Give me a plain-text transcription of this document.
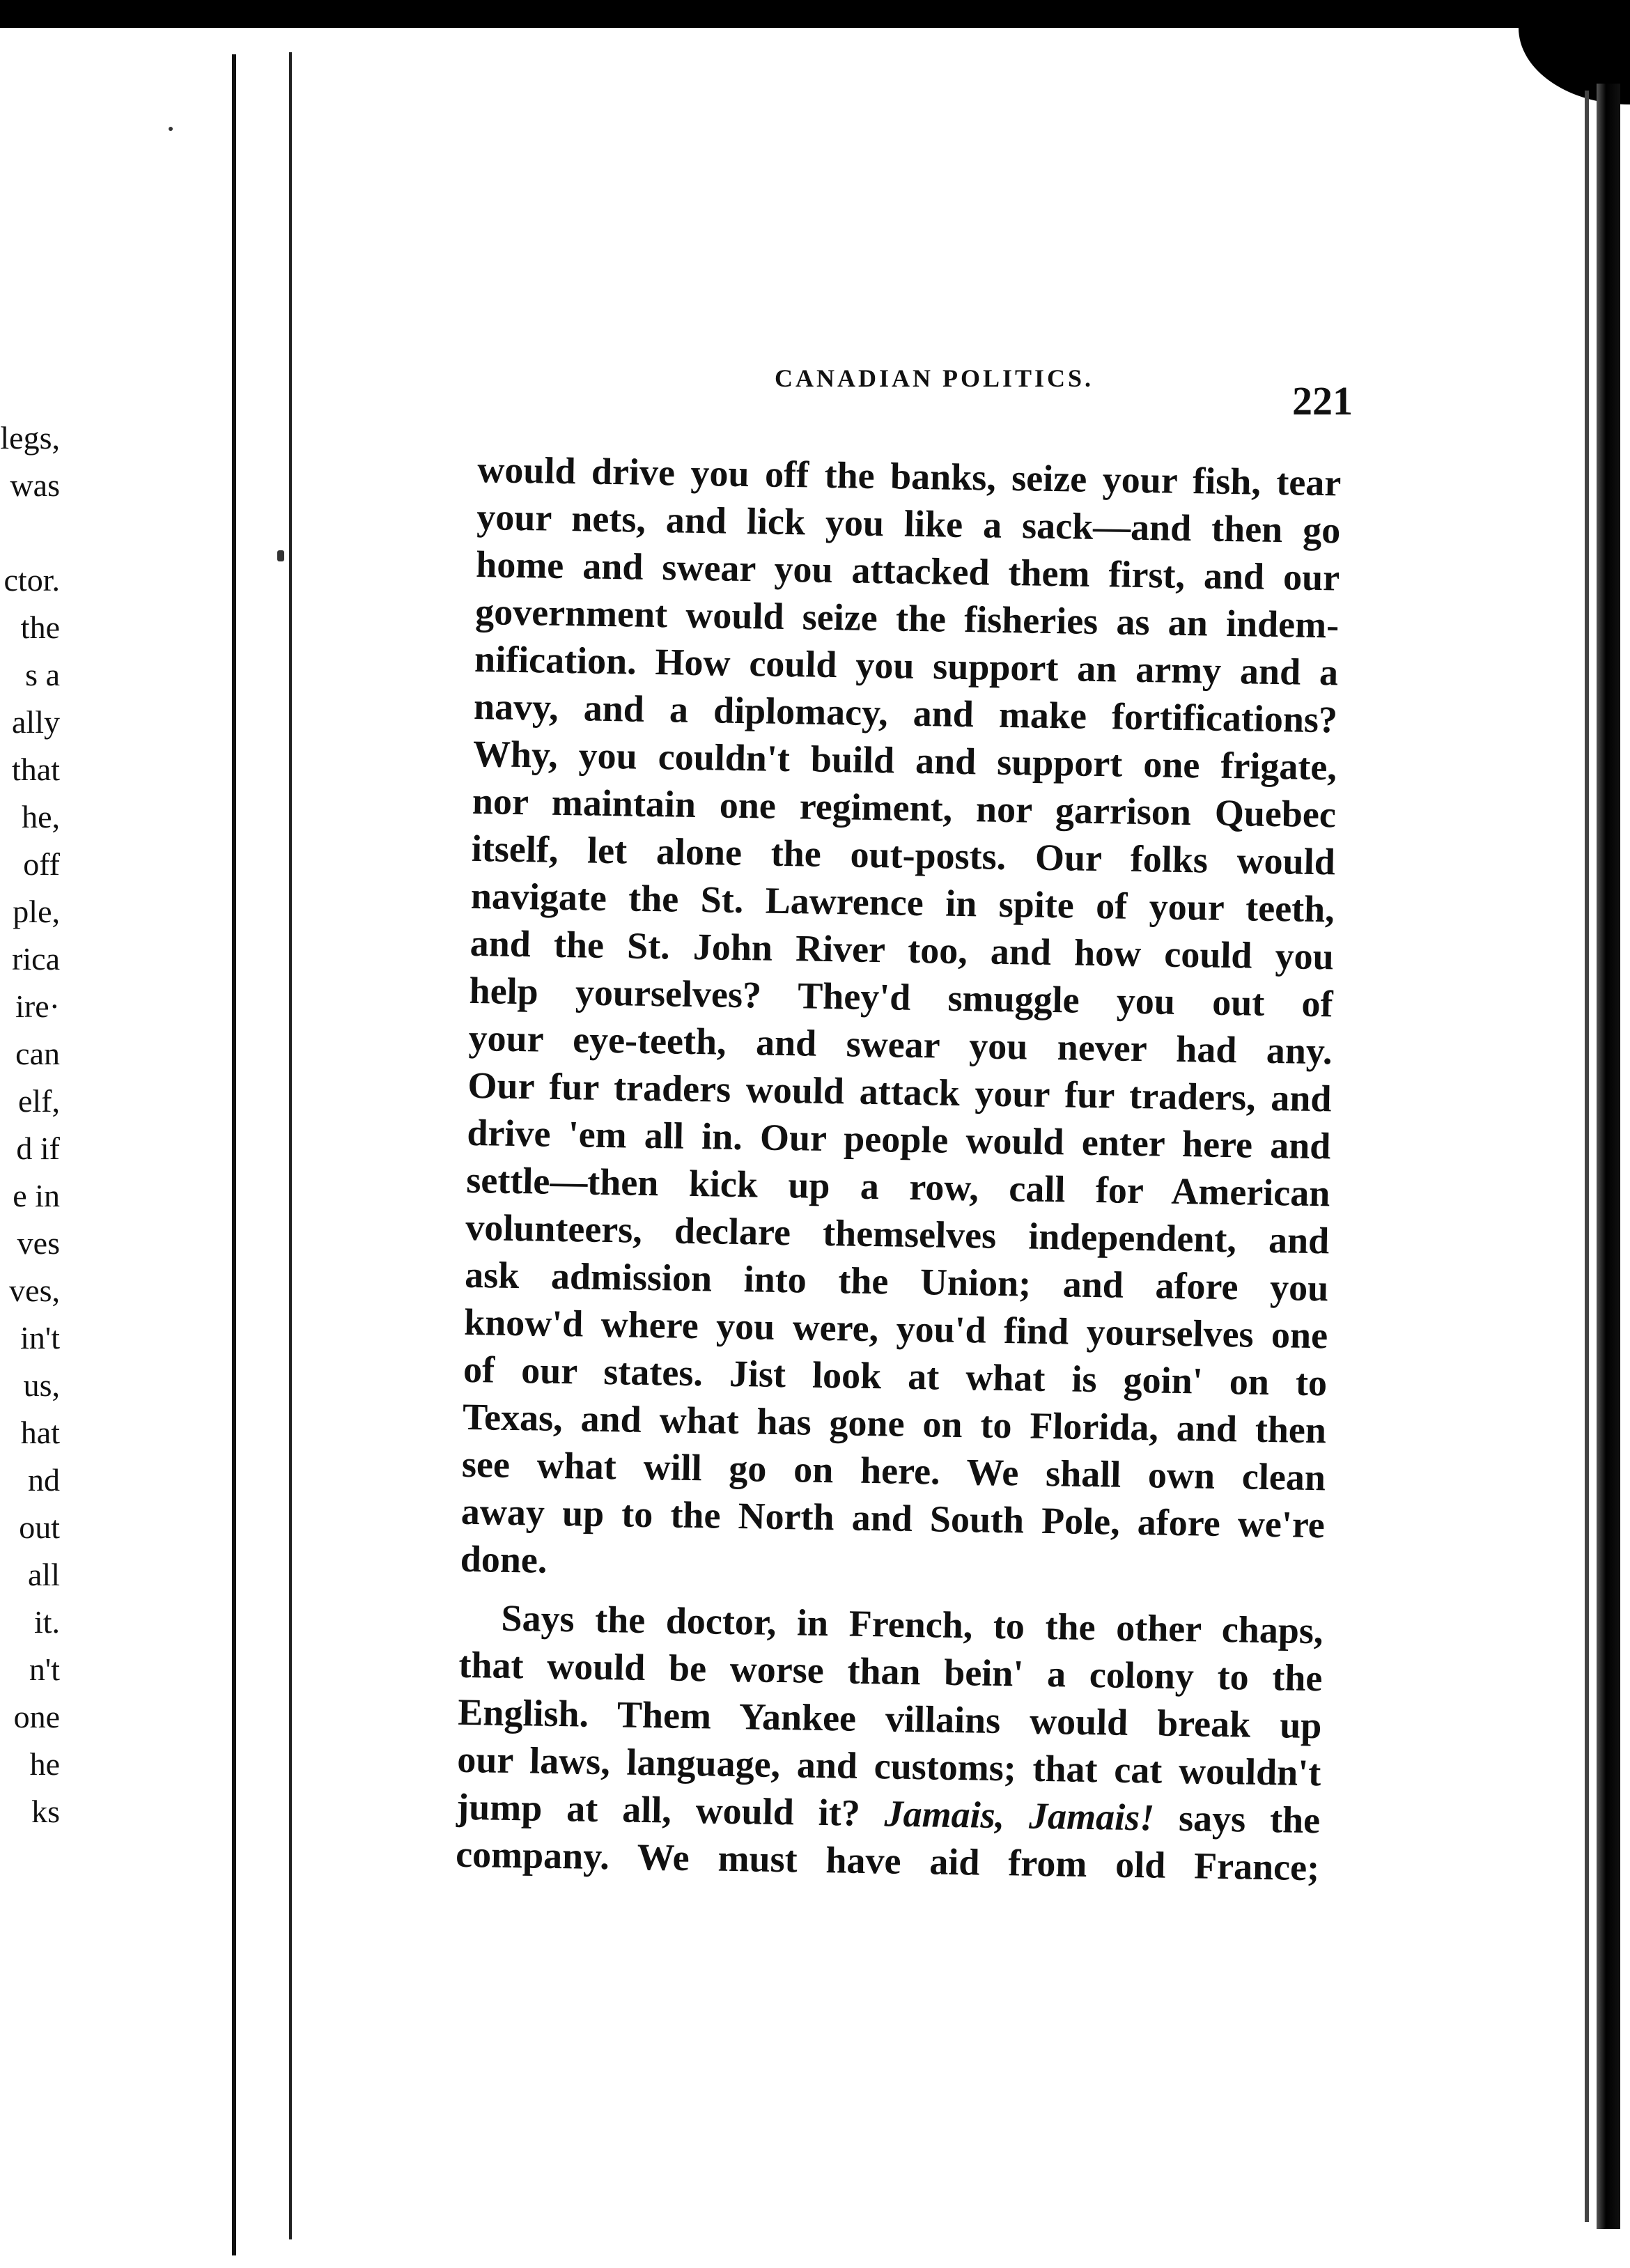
legs,
was
ctor.
the
s a
ally
that
he,
off
ple,
rica
ire·
can
elf,
d if
e in
ves
ves,
in't
us,
hat
nd
out
all
it.
n't
one
he
ks
CANADIAN POLITICS.	221
would drive you off the banks, seize your fish, tear
your nets, and lick you like a sack—and then go
home and swear you attacked them first, and our
government would seize the fisheries as an indem-
nification. How could you support an army and a
navy, and a diplomacy, and make fortifications?
Why, you couldn't build and support one frigate,
nor maintain one regiment, nor garrison Quebec
itself, let alone the out-posts. Our folks would
navigate the St. Lawrence in spite of your teeth,
and the St. John River too, and how could you
help yourselves? They'd smuggle you out of
your eye-teeth, and swear you never had any.
Our fur traders would attack your fur traders, and
drive 'em all in. Our people would enter here and
settle—then kick up a row, call for American
volunteers, declare themselves independent, and
ask admission into the Union; and afore you
know'd where you were, you'd find yourselves one
of our states. Jist look at what is goin' on to
Texas, and what has gone on to Florida, and then
see what will go on here. We shall own clean
away up to the North and South Pole, afore we're
done.
Says the doctor, in French, to the other chaps,
that would be worse than bein' a colony to the
English. Them Yankee villains would break up
our laws, language, and customs; that cat wouldn't
jump at all, would it? Jamais, Jamais! says the
company. We must have aid from old France;
